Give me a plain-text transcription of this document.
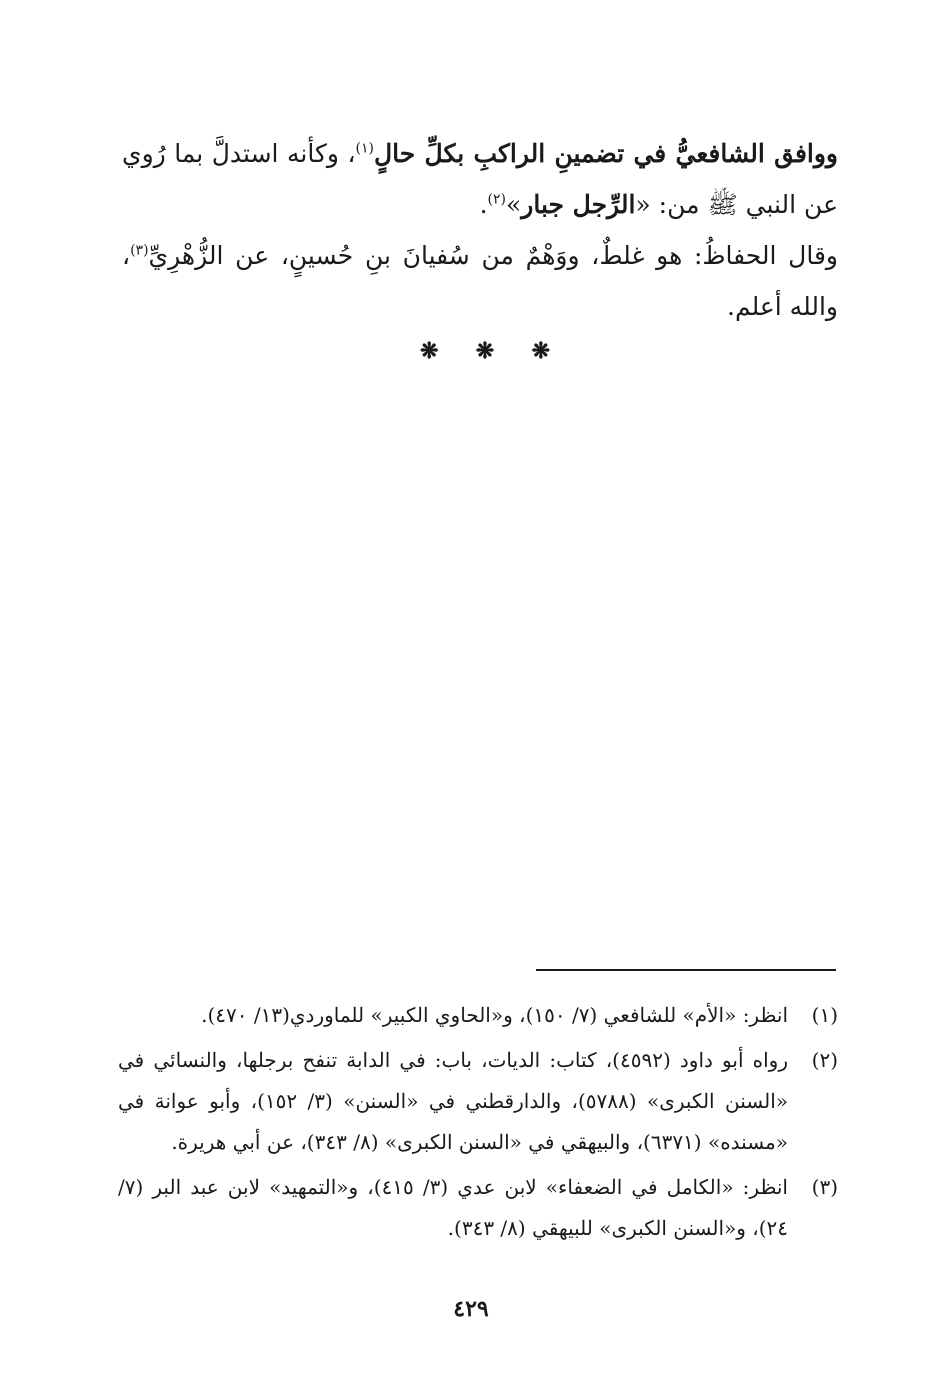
ووافق الشافعيُّ في تضمينِ الراكبِ بكلِّ حالٍ$^{(١)}$، وكأنه استدلَّ بما رُوي عن النبي ﷺ من: «الرِّجل جبار»$^{(٢)}$.

وقال الحفاظُ: هو غلطٌ، ووَهْمٌ من سُفيانَ بنِ حُسينٍ، عن الزُّهْرِيِّ$^{(٣)}$، والله أعلم.

❋ ❋ ❋
(١)
انظر: «الأم» للشافعي (٧/ ١٥٠)، و«الحاوي الكبير» للماوردي(١٣/ ٤٧٠).
(٢)
رواه أبو داود (٤٥٩٢)، كتاب: الديات، باب: في الدابة تنفح برجلها، والنسائي في «السنن الكبرى» (٥٧٨٨)، والدارقطني في «السنن» (٣/ ١٥٢)، وأبو عوانة في «مسنده» (٦٣٧١)، والبيهقي في «السنن الكبرى» (٨/ ٣٤٣)، عن أبي هريرة.
(٣)
انظر: «الكامل في الضعفاء» لابن عدي (٣/ ٤١٥)، و«التمهيد» لابن عبد البر (٧/ ٢٤)، و«السنن الكبرى» للبيهقي (٨/ ٣٤٣).
٤٢٩
